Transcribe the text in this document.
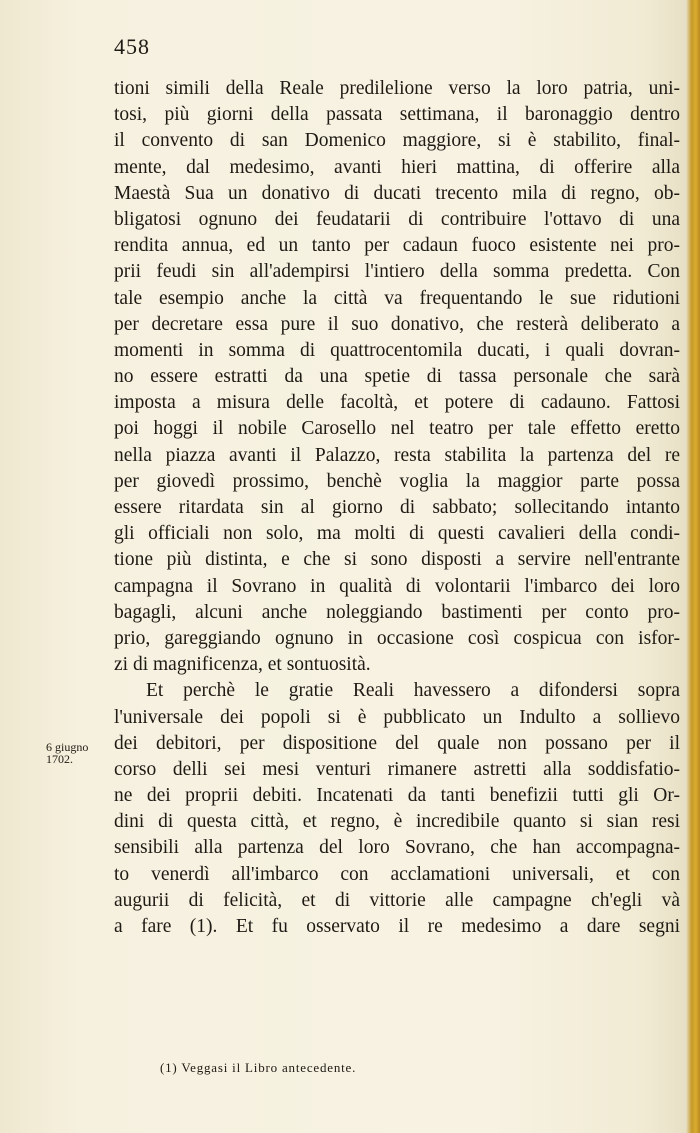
458

6 giugno
1702.
tioni simili della Reale predilelione verso la loro patria, uni-
tosi, più giorni della passata settimana, il baronaggio dentro
il convento di san Domenico maggiore, si è stabilito, final-
mente, dal medesimo, avanti hieri mattina, di offerire alla
Maestà Sua un donativo di ducati trecento mila di regno, ob-
bligatosi ognuno dei feudatarii di contribuire l'ottavo di una
rendita annua, ed un tanto per cadaun fuoco esistente nei pro-
prii feudi sin all'adempirsi l'intiero della somma predetta. Con
tale esempio anche la città va frequentando le sue ridutioni
per decretare essa pure il suo donativo, che resterà deliberato a
momenti in somma di quattrocentomila ducati, i quali dovran-
no essere estratti da una spetie di tassa personale che sarà
imposta a misura delle facoltà, et potere di cadauno. Fattosi
poi hoggi il nobile Carosello nel teatro per tale effetto eretto
nella piazza avanti il Palazzo, resta stabilita la partenza del re
per giovedì prossimo, benchè voglia la maggior parte possa
essere ritardata sin al giorno di sabbato; sollecitando intanto
gli officiali non solo, ma molti di questi cavalieri della condi-
tione più distinta, e che si sono disposti a servire nell'entrante
campagna il Sovrano in qualità di volontarii l'imbarco dei loro
bagagli, alcuni anche noleggiando bastimenti per conto pro-
prio, gareggiando ognuno in occasione così cospicua con isfor-
zi di magnificenza, et sontuosità.
Et perchè le gratie Reali havessero a difondersi sopra
l'universale dei popoli si è pubblicato un Indulto a sollievo
dei debitori, per dispositione del quale non possano per il
corso delli sei mesi venturi rimanere astretti alla soddisfatio-
ne dei proprii debiti. Incatenati da tanti benefizii tutti gli Or-
dini di questa città, et regno, è incredibile quanto si sian resi
sensibili alla partenza del loro Sovrano, che han accompagna-
to venerdì all'imbarco con acclamationi universali, et con
augurii di felicità, et di vittorie alle campagne ch'egli và
a fare (1). Et fu osservato il re medesimo a dare segni

(1) Veggasi il Libro antecedente.
